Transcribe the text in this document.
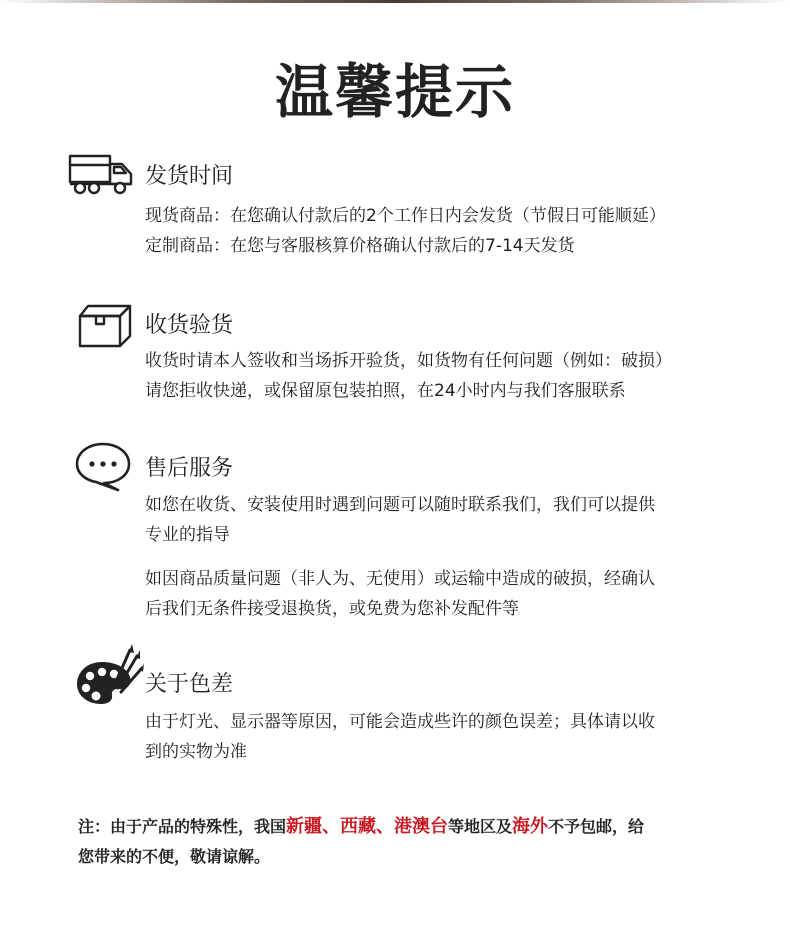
温馨提示
发货时间
现货商品：在您确认付款后的2个工作日内会发货（节假日可能顺延）
定制商品：在您与客服核算价格确认付款后的7-14天发货
收货验货
收货时请本人签收和当场拆开验货，如货物有任何问题（例如：破损）
请您拒收快递，或保留原包装拍照，在24小时内与我们客服联系
售后服务
如您在收货、安装使用时遇到问题可以随时联系我们，我们可以提供
专业的指导
如因商品质量问题（非人为、无使用）或运输中造成的破损，经确认
后我们无条件接受退换货，或免费为您补发配件等
关于色差
由于灯光、显示器等原因，可能会造成些许的颜色误差；具体请以收
到的实物为准
注：由于产品的特殊性，我国新疆、西藏、港澳台等地区及海外不予包邮，给
您带来的不便，敬请谅解。
